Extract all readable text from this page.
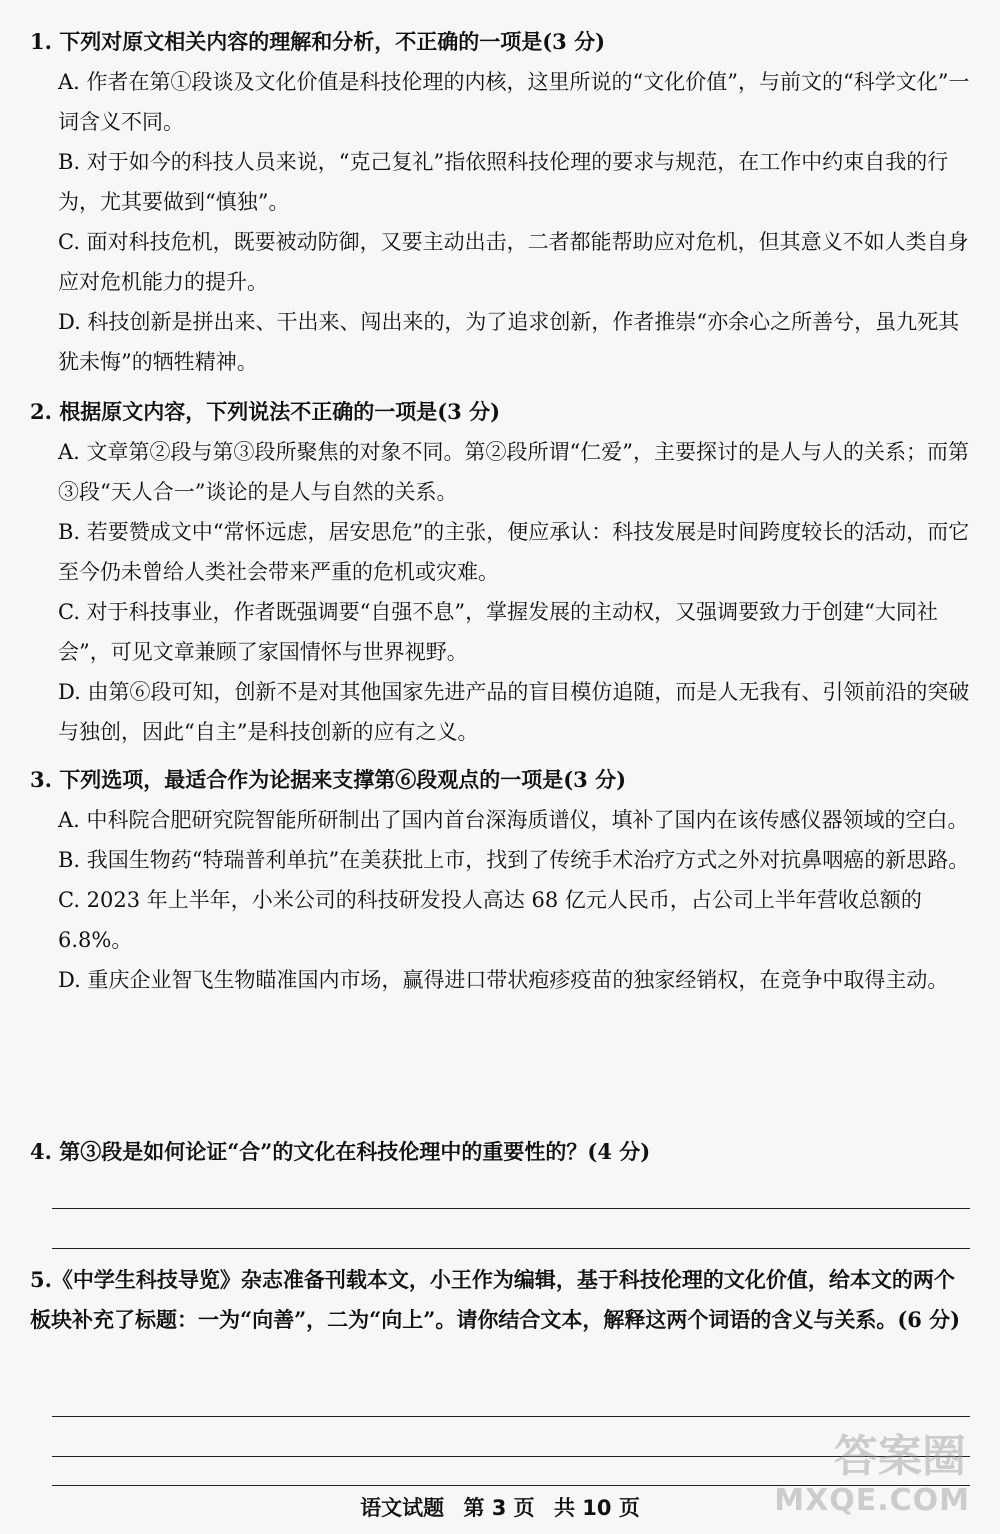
1. 下列对原文相关内容的理解和分析，不正确的一项是(3 分)
A. 作者在第①段谈及文化价值是科技伦理的内核，这里所说的“文化价值”，与前文的“科学文化”一词含义不同。
B. 对于如今的科技人员来说，“克己复礼”指依照科技伦理的要求与规范，在工作中约束自我的行为，尤其要做到“慎独”。
C. 面对科技危机，既要被动防御，又要主动出击，二者都能帮助应对危机，但其意义不如人类自身应对危机能力的提升。
D. 科技创新是拼出来、干出来、闯出来的，为了追求创新，作者推崇“亦余心之所善兮，虽九死其犹未悔”的牺牲精神。
2. 根据原文内容，下列说法不正确的一项是(3 分)
A. 文章第②段与第③段所聚焦的对象不同。第②段所谓“仁爱”，主要探讨的是人与人的关系；而第③段“天人合一”谈论的是人与自然的关系。
B. 若要赞成文中“常怀远虑，居安思危”的主张，便应承认：科技发展是时间跨度较长的活动，而它至今仍未曾给人类社会带来严重的危机或灾难。
C. 对于科技事业，作者既强调要“自强不息”，掌握发展的主动权，又强调要致力于创建“大同社会”，可见文章兼顾了家国情怀与世界视野。
D. 由第⑥段可知，创新不是对其他国家先进产品的盲目模仿追随，而是人无我有、引领前沿的突破与独创，因此“自主”是科技创新的应有之义。
3. 下列选项，最适合作为论据来支撑第⑥段观点的一项是(3 分)
A. 中科院合肥研究院智能所研制出了国内首台深海质谱仪，填补了国内在该传感仪器领域的空白。
B. 我国生物药“特瑞普利单抗”在美获批上市，找到了传统手术治疗方式之外对抗鼻咽癌的新思路。
C. 2023 年上半年，小米公司的科技研发投人高达 68 亿元人民币，占公司上半年营收总额的 6.8%。
D. 重庆企业智飞生物瞄准国内市场，赢得进口带状疱疹疫苗的独家经销权，在竞争中取得主动。
4. 第③段是如何论证“合”的文化在科技伦理中的重要性的？(4 分)
5.《中学生科技导览》杂志准备刊载本文，小王作为编辑，基于科技伦理的文化价值，给本文的两个板块补充了标题：一为“向善”，二为“向上”。请你结合文本，解释这两个词语的含义与关系。(6 分)
语文试题 第 3 页 共 10 页
答案圈
MXQE.COM
